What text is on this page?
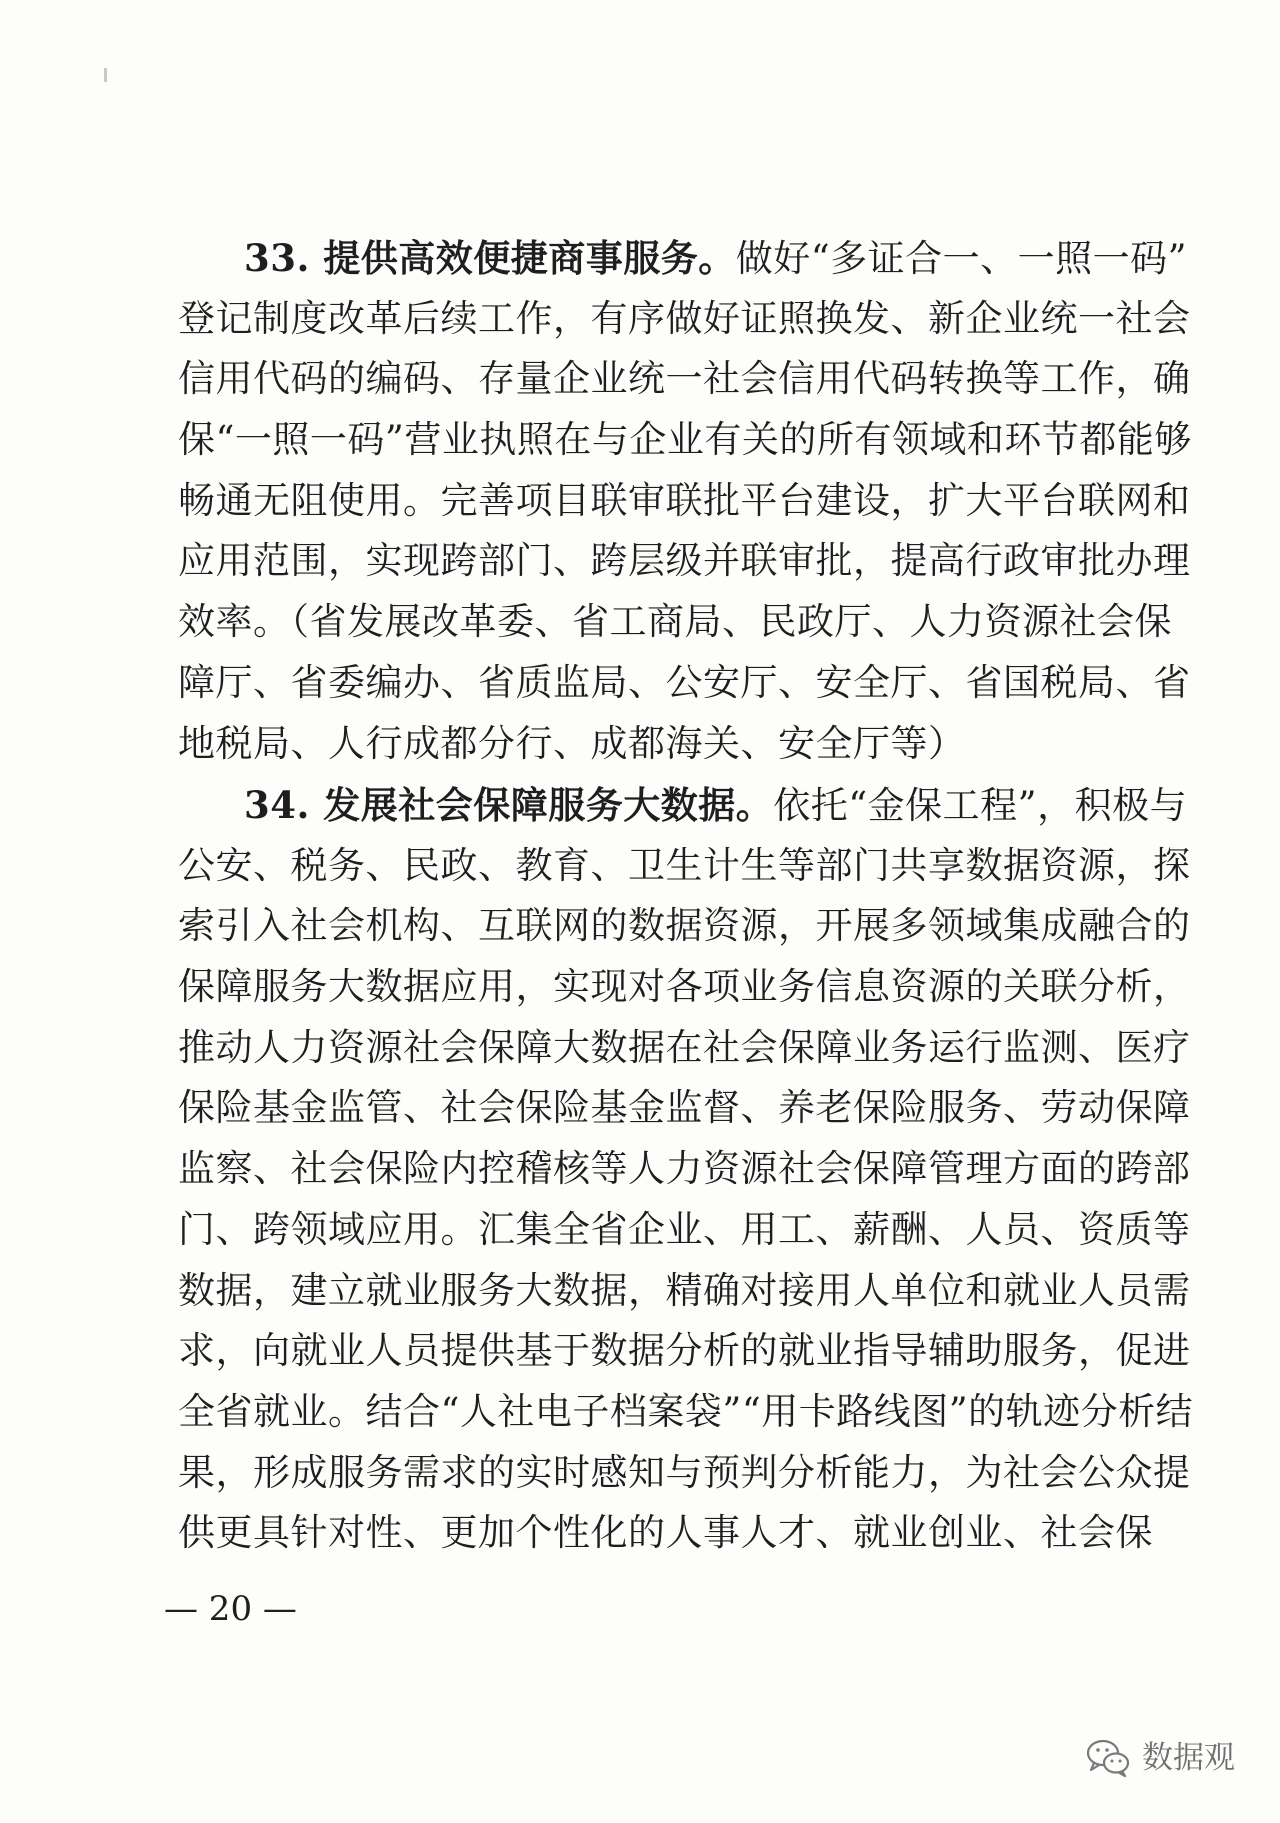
33. 提供高效便捷商事服务。做好“多证合一、一照一码”
登记制度改革后续工作，有序做好证照换发、新企业统一社会
信用代码的编码、存量企业统一社会信用代码转换等工作，确
保“一照一码”营业执照在与企业有关的所有领域和环节都能够
畅通无阻使用。完善项目联审联批平台建设，扩大平台联网和
应用范围，实现跨部门、跨层级并联审批，提高行政审批办理
效率。（省发展改革委、省工商局、民政厅、人力资源社会保
障厅、省委编办、省质监局、公安厅、安全厅、省国税局、省
地税局、人行成都分行、成都海关、安全厅等）
34. 发展社会保障服务大数据。依托“金保工程”，积极与
公安、税务、民政、教育、卫生计生等部门共享数据资源，探
索引入社会机构、互联网的数据资源，开展多领域集成融合的
保障服务大数据应用，实现对各项业务信息资源的关联分析，
推动人力资源社会保障大数据在社会保障业务运行监测、医疗
保险基金监管、社会保险基金监督、养老保险服务、劳动保障
监察、社会保险内控稽核等人力资源社会保障管理方面的跨部
门、跨领域应用。汇集全省企业、用工、薪酬、人员、资质等
数据，建立就业服务大数据，精确对接用人单位和就业人员需
求，向就业人员提供基于数据分析的就业指导辅助服务，促进
全省就业。结合“人社电子档案袋”“用卡路线图”的轨迹分析结
果，形成服务需求的实时感知与预判分析能力，为社会公众提
供更具针对性、更加个性化的人事人才、就业创业、社会保
— 20 —
数据观
